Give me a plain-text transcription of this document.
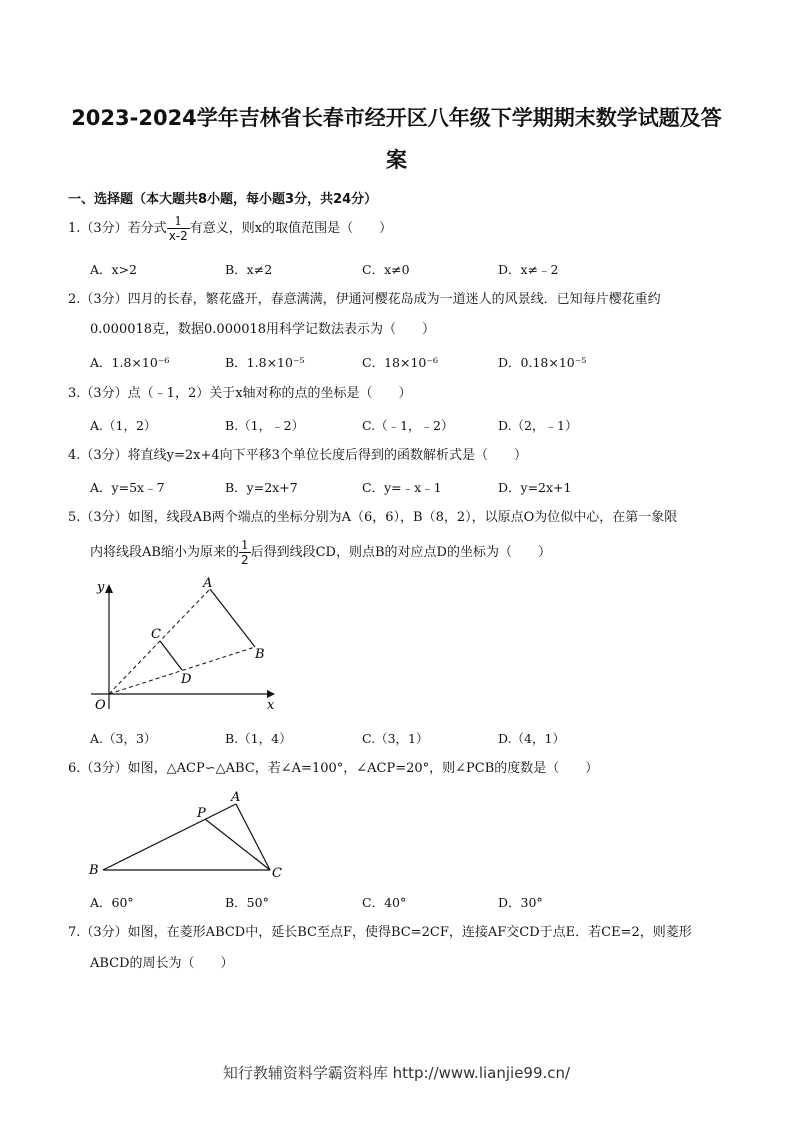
2023-2024学年吉林省长春市经开区八年级下学期期末数学试题及答
案
一、选择题（本大题共8小题，每小题3分，共24分）
1.（3分）若分式 $\frac{1}{x-2}$ 有意义，则x的取值范围是（　　）
A．x>2	B．x≠2	C．x≠0	D．x≠﹣2
2.（3分）四月的长春，繁花盛开，春意满满，伊通河樱花岛成为一道迷人的风景线．已知每片樱花重约
0.000018克，数据0.000018用科学记数法表示为（　　）
A．1.8×10⁻⁶	B．1.8×10⁻⁵	C．18×10⁻⁶	D．0.18×10⁻⁵
3.（3分）点（﹣1，2）关于x轴对称的点的坐标是（　　）
A.（1，2）	B.（1，﹣2）	C.（﹣1，﹣2）	D.（2，﹣1）
4.（3分）将直线y=2x+4向下平移3个单位长度后得到的函数解析式是（　　）
A．y=5x﹣7	B．y=2x+7	C．y=﹣x﹣1	D．y=2x+1
5.（3分）如图，线段AB两个端点的坐标分别为A（6，6），B（8，2），以原点O为位似中心，在第一象限
内将线段AB缩小为原来的 $\frac{1}{2}$ 后得到线段CD，则点B的对应点D的坐标为（　　）
y
x
O
A
B
C
D
A.（3，3）	B.（1，4）	C.（3，1）	D.（4，1）
6.（3分）如图，△ACP∽△ABC，若∠A=100°，∠ACP=20°，则∠PCB的度数是（　　）
A
P
B	C
A．60°	B．50°	C．40°	D．30°
7.（3分）如图，在菱形ABCD中，延长BC至点F，使得BC=2CF，连接AF交CD于点E．若CE=2，则菱形
ABCD的周长为（　　）
知行教辅资料学霸资料库 http://www.lianjie99.cn/
